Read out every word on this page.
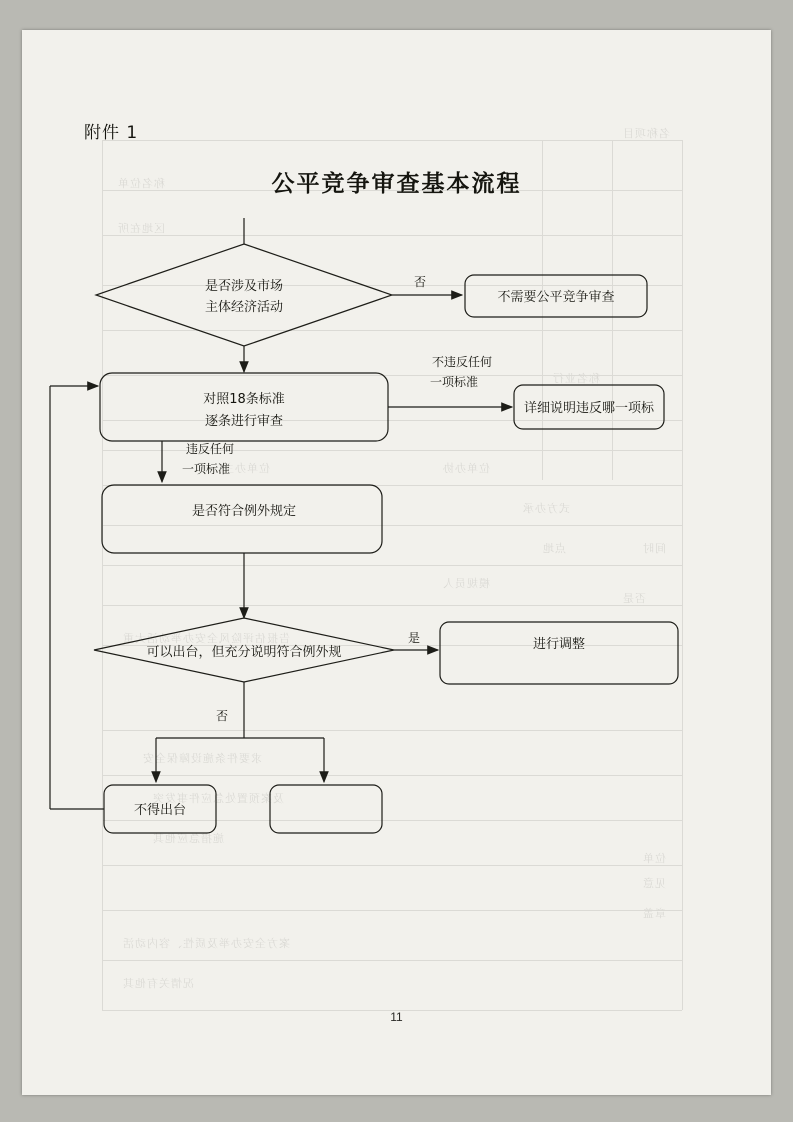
名称项目
称名位单
区地在所
称名业行
位单办主	位单办协
式方办承
点地	间时
模规员人
否是
告报估评险风全安办举动活大重
求要件条施设障保全安
及案预置处急应件事发突
施措急应他其
位单
见意
章盖
案方全安办举及质性、容内动活
况情关有他其
附件 1
公平竞争审查基本流程
是否涉及市场
主体经济活动
否
不需要公平竞争审查
对照18条标准
逐条进行审查
不违反任何
一项标准
详细说明违反哪一项标
违反任何
一项标准
是否符合例外规定
可以出台，但充分说明符合例外规
是	进行调整
否
不得出台
11
